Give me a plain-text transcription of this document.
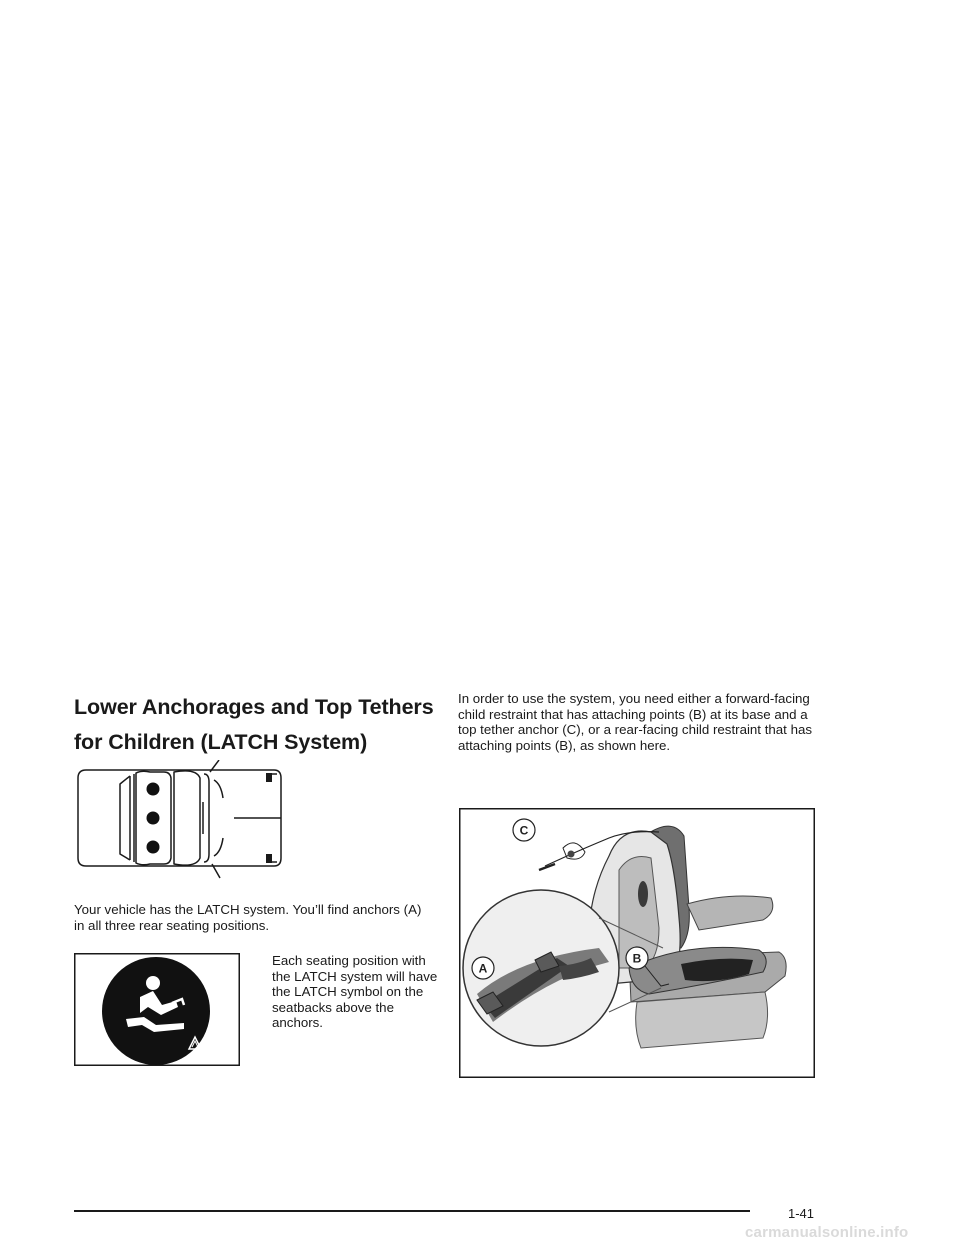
Lower Anchorages and Top Tethers
for Children (LATCH System)

Your vehicle has the LATCH system. You’ll find anchors (A) in all three rear seating positions.

Each seating position with the LATCH system will have the LATCH symbol on the seatbacks above the anchors.

In order to use the system, you need either a forward-facing child restraint that has attaching points (B) at its base and a top tether anchor (C), or a rear-facing child restraint that has attaching points (B), as shown here.

A
B
C
1-41
carmanualsonline.info
